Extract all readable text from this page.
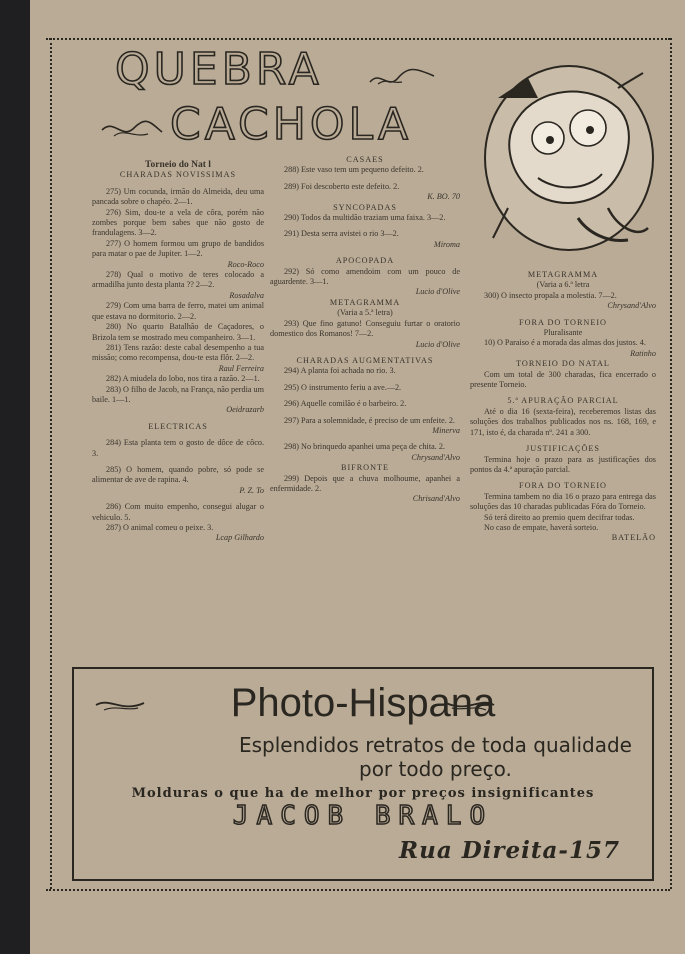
QUEBRA
CACHOLA

Torneio do Nat l

CHARADAS NOVISSIMAS

275) Um cocunda, irmão do Almeida, deu uma pancada sobre o chapéo. 2—1.

276) Sim, dou-te a vela de côra, porém não zombes porque bem sabes que não gosto de frandulagens. 3—2.

277) O homem formou um grupo de bandidos para matar o pae de Jupiter. 1—2.

Roco-Roco

278) Qual o motivo de teres colocado a armadilha junto desta planta ?? 2—2.

Rosadalva

279) Com uma barra de ferro, matei um animal que estava no dormitorio. 2—2.

280) No quarto Batalhão de Caçadores, o Brizola tem se mostrado meu companheiro. 3—1.

281) Tens razão: deste cabal desempenho a tua missão; como recompensa, dou-te esta flôr. 2—2.

Raul Ferreira

282) A miudela do lobo, nos tira a razão. 2—1.

283) O filho de Jacob, na França, não perdia um baile. 1—1.

Oeidrazarb

ELECTRICAS

284) Esta planta tem o gosto de dôce de côco. 3.

285) O homem, quando pobre, só pode se alimentar de ave de rapina. 4.

P. Z. To

286) Com muito empenho, consegui alugar o vehiculo. 5.

287) O animal comeu o peixe. 3.

Lcap Gilhardo

CASAES

288) Este vaso tem um pequeno defeito. 2.

289) Foi descoberto este defeito. 2.

K. BO. 70

SYNCOPADAS

290) Todos da multidão traziam uma faixa. 3—2.

291) Desta serra avistei o rio 3—2.

Miroma

APOCOPADA

292) Só como amendoim com um pouco de aguardente. 3—1.

Lucio d'Olive

METAGRAMMA

(Varia a 5.ª letra)

293) Que fino gatuno! Conseguiu furtar o oratorio domestico dos Romanos! 7—2.

Lucio d'Olive

CHARADAS AUGMENTATIVAS

294) A planta foi achada no rio. 3.

295) O instrumento feriu a ave.—2.

296) Aquelle comilão é o barbeiro. 2.

297) Para a solemnidade, é preciso de um enfeite. 2.

Minerva

298) No brinquedo apanhei uma peça de chita. 2.

Chrysand'Alvo

BIFRONTE

299) Depois que a chuva molhoume, apanhei a enfermidade. 2.

Chrisand'Alvo

METAGRAMMA

(Varia a 6.ª letra

300) O insecto propala a molestia. 7—2.

Chrysand'Alvo

FORA DO TORNEIO

Pluralisante

10) O Paraiso é a morada das almas dos justos. 4.

Ratinho

TORNEIO DO NATAL

Com um total de 300 charadas, fica encerrado o presente Torneio.

5.ª APURAÇÃO PARCIAL

Até o dia 16 (sexta-feira), receberemos listas das soluções dos trabalhos publicados nos ns. 168, 169, e 171, isto é, da charada nº. 241 a 300.

JUSTIFICAÇÕES

Termina hoje o prazo para as justificações dos pontos da 4.ª apuração parcial.

FORA DO TORNEIO

Termina tambem no dia 16 o prazo para entrega das soluções das 10 charadas publicadas Fóra do Torneio.

Só terá direito ao premio quem decifrar todas.

No caso de empate, haverá sorteio.

BATELÃO

Photo-Hispana
Esplendidos retratos de toda qualidade
por todo preço.
Molduras o que ha de melhor por preços insignificantes
JACOB BRALO
Rua Direita-157
